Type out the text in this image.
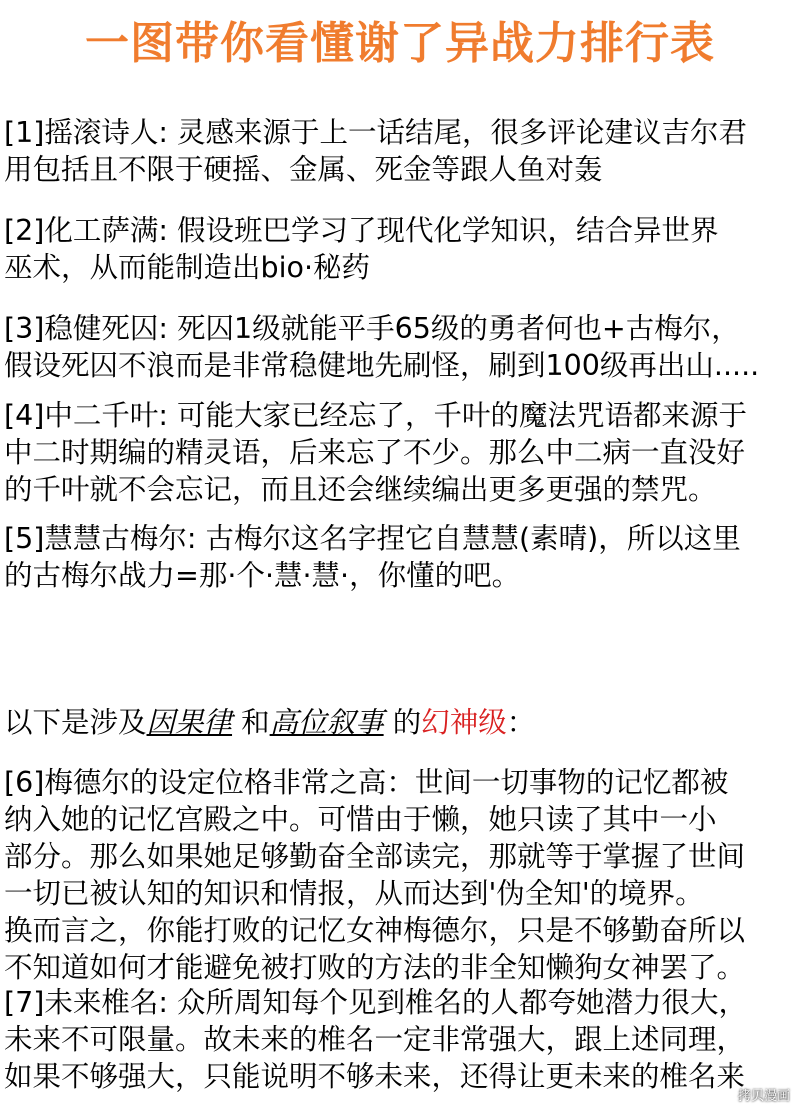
一图带你看懂谢了异战力排行表
[1]摇滚诗人: 灵感来源于上一话结尾，很多评论建议吉尔君
用包括且不限于硬摇、金属、死金等跟人鱼对轰
[2]化工萨满: 假设班巴学习了现代化学知识，结合异世界
巫术，从而能制造出bio·秘药
[3]稳健死囚: 死囚1级就能平手65级的勇者何也+古梅尔，
假设死囚不浪而是非常稳健地先刷怪，刷到100级再出山.....
[4]中二千叶: 可能大家已经忘了，千叶的魔法咒语都来源于
中二时期编的精灵语，后来忘了不少。那么中二病一直没好
的千叶就不会忘记，而且还会继续编出更多更强的禁咒。
[5]慧慧古梅尔: 古梅尔这名字捏它自慧慧(素晴)，所以这里
的古梅尔战力=那·个·慧·慧·，你懂的吧。
以下是涉及因果律 和高位叙事 的幻神级：
[6]梅德尔的设定位格非常之高：世间一切事物的记忆都被
纳入她的记忆宫殿之中。可惜由于懒，她只读了其中一小
部分。那么如果她足够勤奋全部读完，那就等于掌握了世间
一切已被认知的知识和情报，从而达到'伪全知'的境界。
换而言之，你能打败的记忆女神梅德尔，只是不够勤奋所以
不知道如何才能避免被打败的方法的非全知懒狗女神罢了。
[7]未来椎名: 众所周知每个见到椎名的人都夸她潜力很大，
未来不可限量。故未来的椎名一定非常强大，跟上述同理，
如果不够强大，只能说明不够未来，还得让更未来的椎名来
拷贝漫画
